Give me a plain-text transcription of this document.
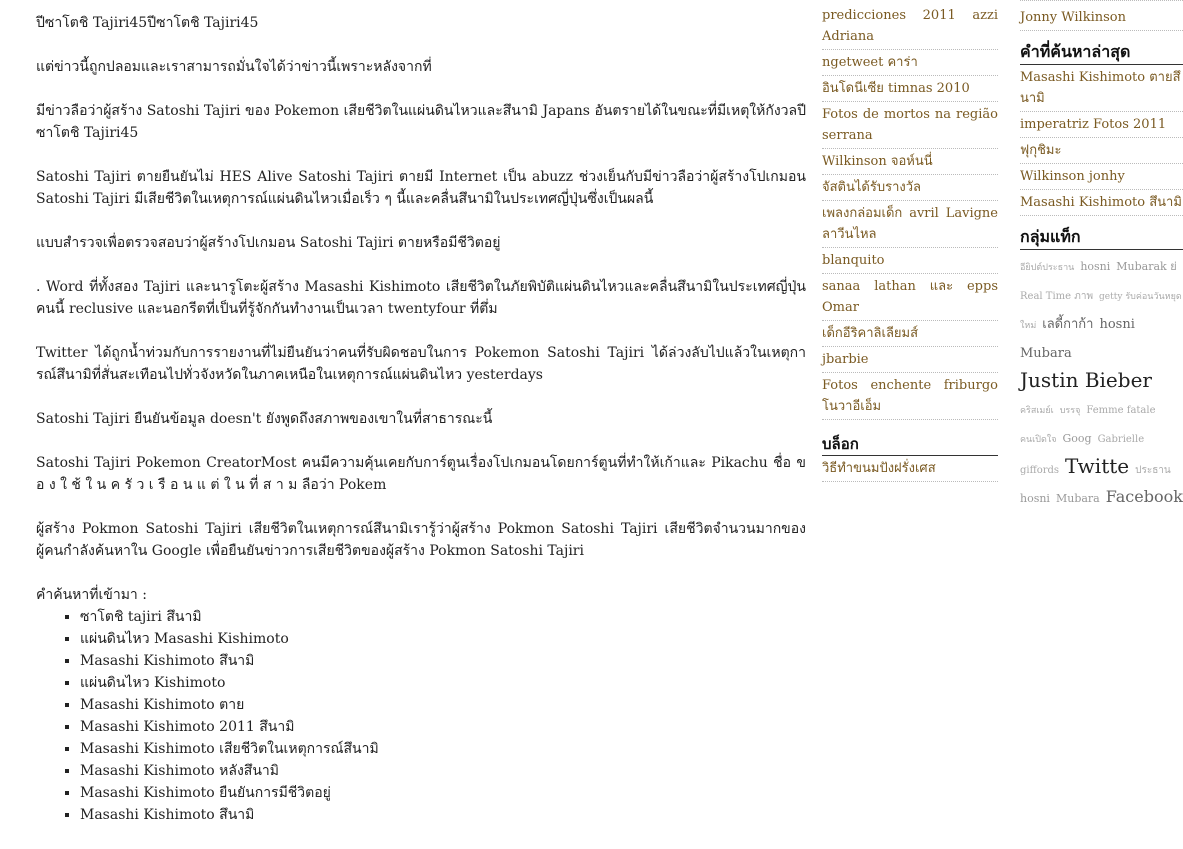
ปีซาโตชิ Tajiri45ปีซาโตชิ Tajiri45

แต่ข่าวนี้ถูกปลอมและเราสามารถมั่นใจได้ว่าข่าวนี้เพราะหลังจากที่

มีข่าวลือว่าผู้สร้าง Satoshi Tajiri ของ Pokemon เสียชีวิตในแผ่นดินไหวและสึนามิ Japans อันตรายได้ในขณะที่มีเหตุให้กังวลปีซาโตชิ Tajiri45

Satoshi Tajiri ตายยืนยันไม่ HES Alive Satoshi Tajiri ตายมี Internet เป็น abuzz ช่วงเย็นกับมีข่าวลือว่าผู้สร้างโปเกมอน Satoshi Tajiri มีเสียชีวิตในเหตุการณ์แผ่นดินไหวเมื่อเร็ว ๆ นี้และคลื่นสึนามิในประเทศญี่ปุ่นซึ่งเป็นผลนี้

แบบสำรวจเพื่อตรวจสอบว่าผู้สร้างโปเกมอน Satoshi Tajiri ตายหรือมีชีวิตอยู่

. Word ที่ทั้งสอง Tajiri และนารูโตะผู้สร้าง Masashi Kishimoto เสียชีวิตในภัยพิบัติแผ่นดินไหวและคลื่นสึนามิในประเทศญี่ปุ่นคนนี้ reclusive และนอกรีตที่เป็นที่รู้จักกันทำงานเป็นเวลา twentyfour ที่ตึ่ม

Twitter ได้ถูกน้ำท่วมกับการรายงานที่ไม่ยืนยันว่าคนที่รับผิดชอบในการ Pokemon Satoshi Tajiri ได้ล่วงลับไปแล้วในเหตุการณ์สึนามิที่สั่นสะเทือนไปทั่วจังหวัดในภาคเหนือในเหตุการณ์แผ่นดินไหว yesterdays

Satoshi Tajiri ยืนยันข้อมูล doesn't ยังพูดถึงสภาพของเขาในที่สาธารณะนี้

Satoshi Tajiri Pokemon CreatorMost คนมีความคุ้นเคยกับการ์ตูนเรื่องโปเกมอนโดยการ์ตูนที่ทำให้เก้าและ Pikachu ชื่อ ข อ ง ใ ช้ ใ น ค รั ว เ รื อ น แ ต่ ใ น ที่ ส า ม ลือว่า Pokem

ผู้สร้าง Pokmon Satoshi Tajiri เสียชีวิตในเหตุการณ์สึนามิเรารู้ว่าผู้สร้าง Pokmon Satoshi Tajiri เสียชีวิตจำนวนมากของผู้คนกำลังค้นหาใน Google เพื่อยืนยันข่าวการเสียชีวิตของผู้สร้าง Pokmon Satoshi Tajiri

คำค้นหาที่เข้ามา :
▪ ซาโตชิ tajiri สึนามิ
▪ แผ่นดินไหว Masashi Kishimoto
▪ Masashi Kishimoto สึนามิ
▪ แผ่นดินไหว Kishimoto
▪ Masashi Kishimoto ตาย
▪ Masashi Kishimoto 2011 สึนามิ
▪ Masashi Kishimoto เสียชีวิตในเหตุการณ์สึนามิ
▪ Masashi Kishimoto หลังสึนามิ
▪ Masashi Kishimoto ยืนยันการมีชีวิตอยู่
▪ Masashi Kishimoto สึนามิ
predicciones 2011 azzi Adriana
ngetweet คาร่า
อินโดนีเซีย timnas 2010
Fotos de mortos na região serrana
Wilkinson จอห์นนี่
จัสตินได้รับรางวัล
เพลงกล่อมเด็ก avril Lavigne ลาวีนไหล
blanquito
sanaa lathan และ epps Omar
เด็กอีริคาลิเลียมส์
jbarbie
Fotos enchente friburgo โนวาอีเอ็ม
บล็อก
วิธีทำขนมปังฝรั่งเศส
Jonny Wilkinson
คำที่ค้นหาล่าสุด
Masashi Kishimoto ตายสึนามิ
imperatriz Fotos 2011
ฟุกุชิมะ
Wilkinson jonhy
Masashi Kishimoto สึนามิ
กลุ่มแท็ก
อียิปต์ประธาน hosni Mubarak ย่Real Time ภาพ getty รับค่อนวันหยุดใหม่ เลดี้กาก้า hosniMubaraJustin Bieberคริสเมย์เ บรรจุ Femme fataleคนเปิดใจ Goog Gabriellegiffords Twitte ประธานhosni Mubara Facebook
